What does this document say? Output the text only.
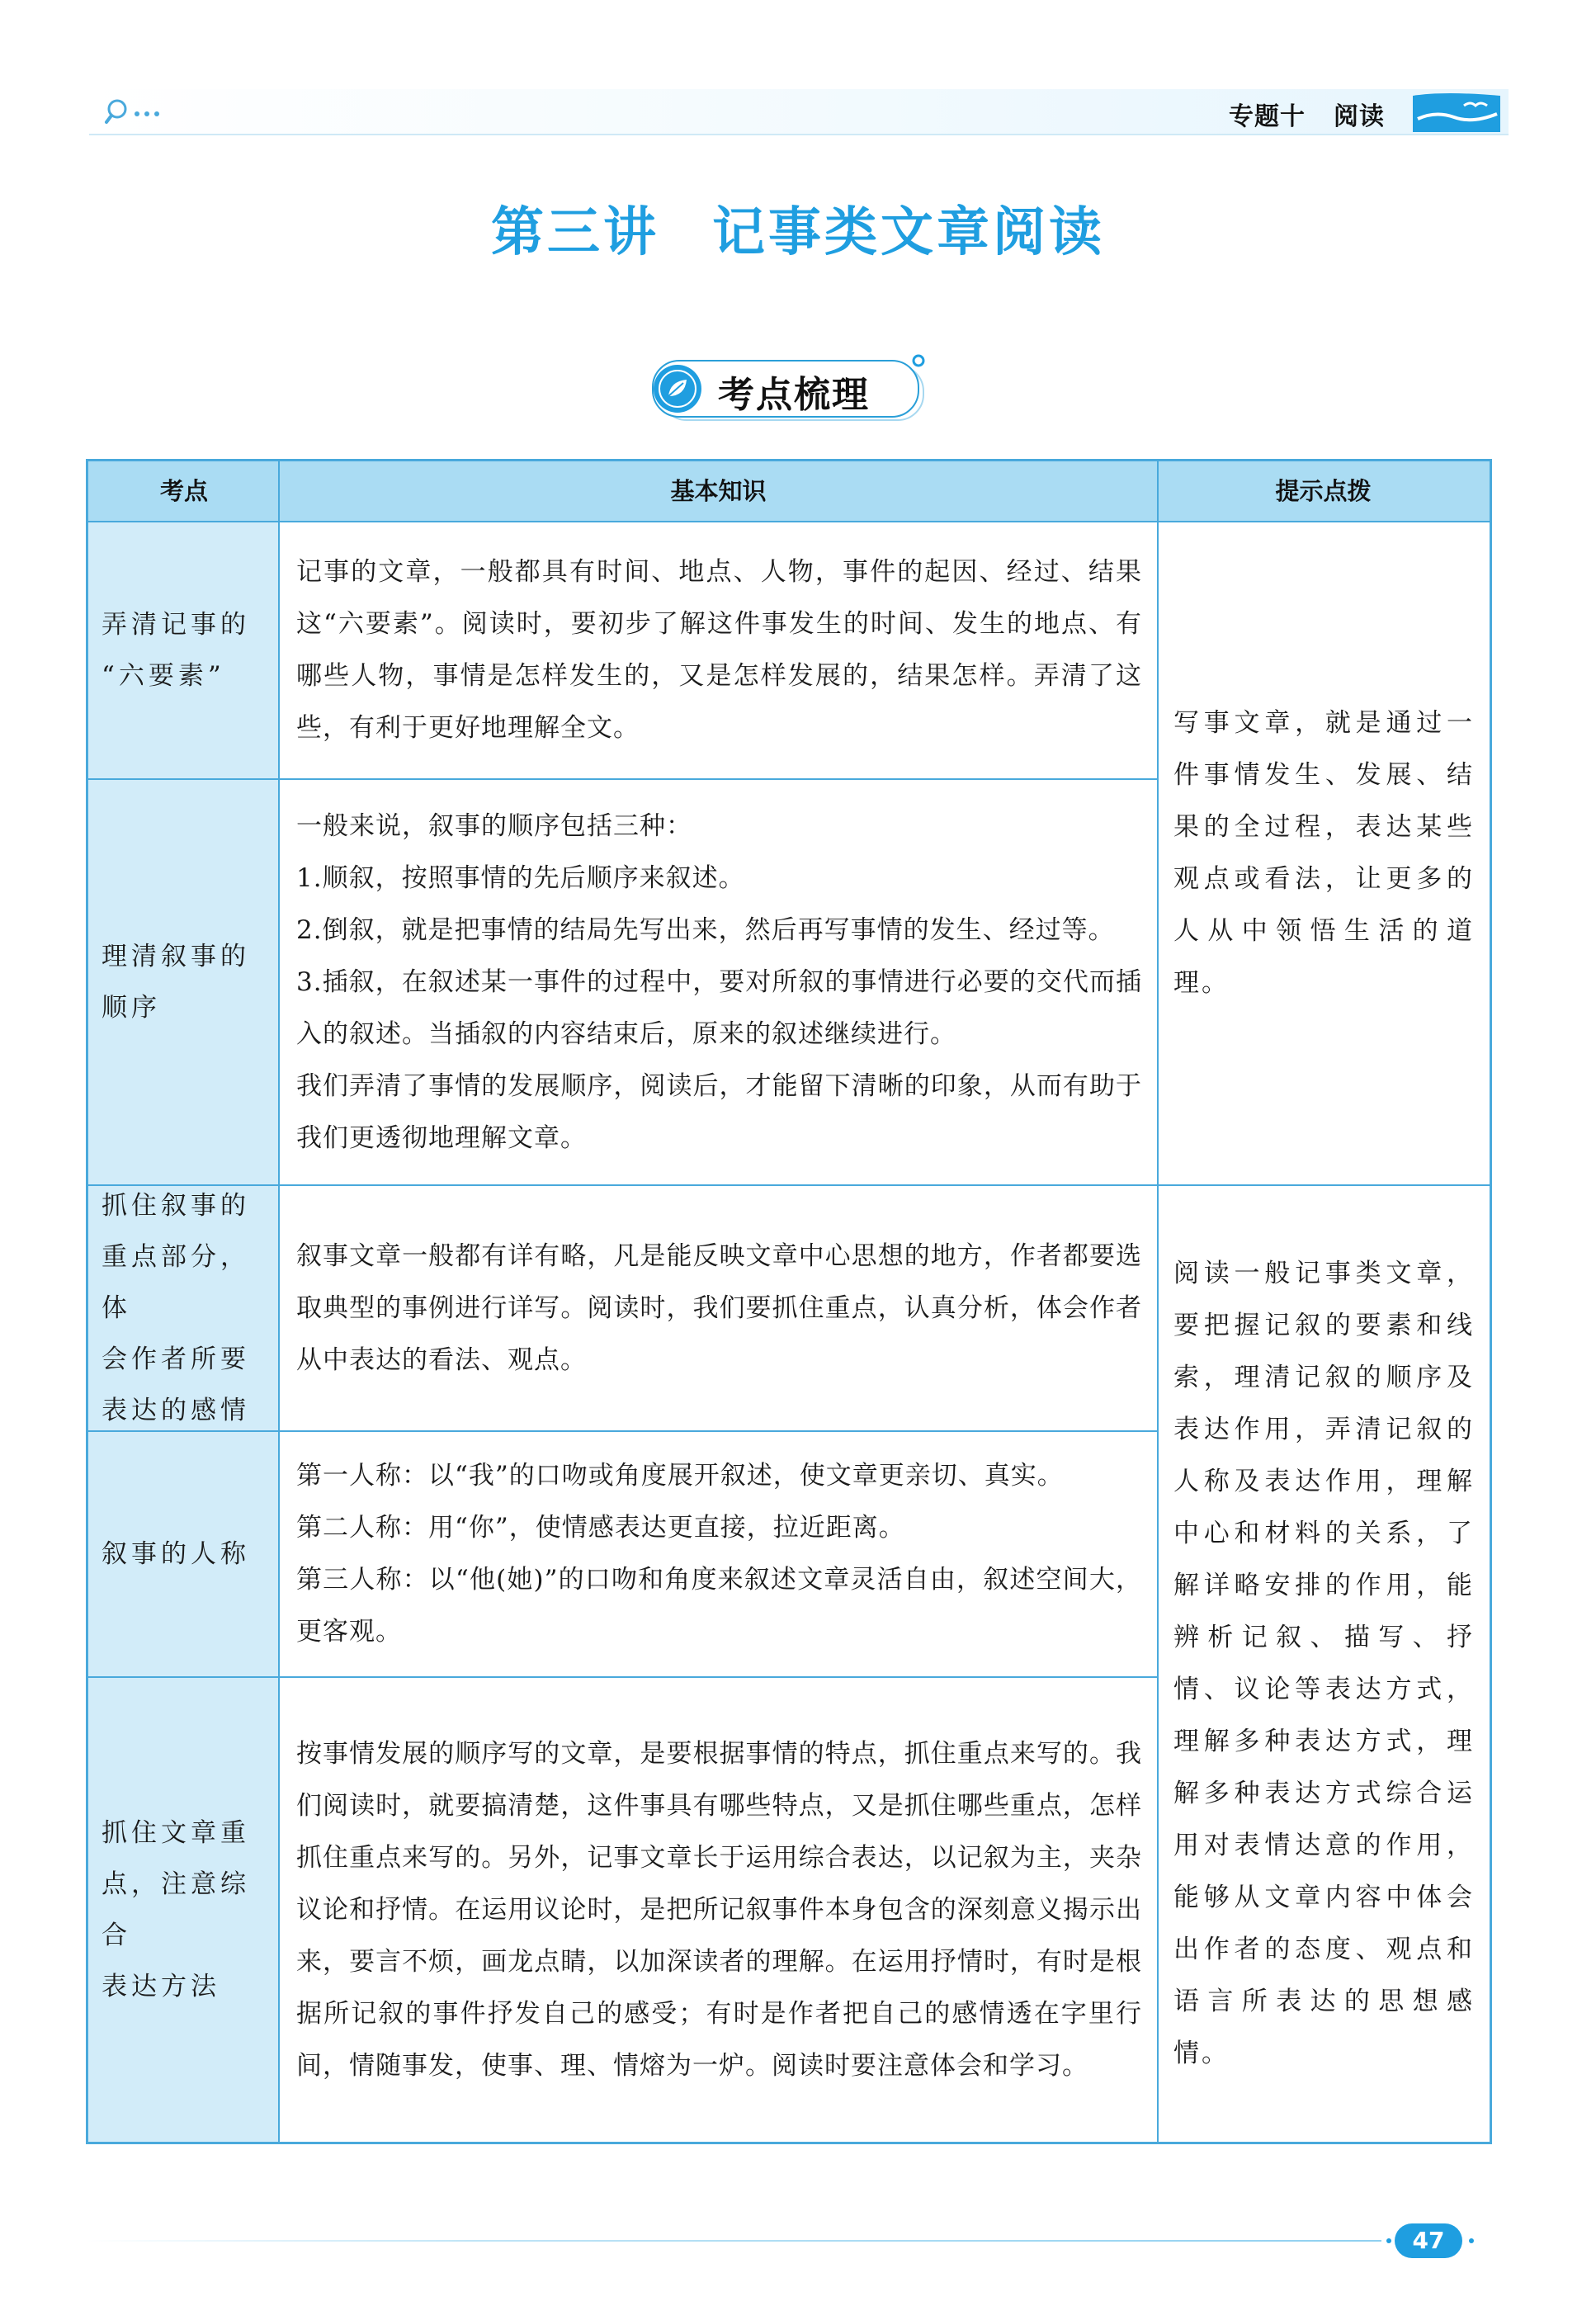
专题十 阅读
第三讲 记事类文章阅读
考点梳理
考点	基本知识	提示点拨
弄清记事的
“六要素”

记事的文章，一般都具有时间、地点、人物，事件的起因、经过、结果这“六要素”。阅读时，要初步了解这件事发生的时间、发生的地点、有哪些人物，事情是怎样发生的，又是怎样发展的，结果怎样。弄清了这些，有利于更好地理解全文。

理清叙事的
顺序

一般来说，叙事的顺序包括三种：

1.顺叙，按照事情的先后顺序来叙述。

2.倒叙，就是把事情的结局先写出来，然后再写事情的发生、经过等。

3.插叙，在叙述某一事件的过程中，要对所叙的事情进行必要的交代而插入的叙述。当插叙的内容结束后，原来的叙述继续进行。

我们弄清了事情的发展顺序，阅读后，才能留下清晰的印象，从而有助于我们更透彻地理解文章。

抓住叙事的
重点部分，体
会作者所要
表达的感情

叙事文章一般都有详有略，凡是能反映文章中心思想的地方，作者都要选取典型的事例进行详写。阅读时，我们要抓住重点，认真分析，体会作者从中表达的看法、观点。

叙事的人称

第一人称：以“我”的口吻或角度展开叙述，使文章更亲切、真实。

第二人称：用“你”，使情感表达更直接，拉近距离。

第三人称：以“他(她)”的口吻和角度来叙述文章灵活自由，叙述空间大，更客观。

抓住文章重
点，注意综合
表达方法

按事情发展的顺序写的文章，是要根据事情的特点，抓住重点来写的。我们阅读时，就要搞清楚，这件事具有哪些特点，又是抓住哪些重点，怎样抓住重点来写的。另外，记事文章长于运用综合表达，以记叙为主，夹杂议论和抒情。在运用议论时，是把所记叙事件本身包含的深刻意义揭示出来，要言不烦，画龙点睛，以加深读者的理解。在运用抒情时，有时是根据所记叙的事件抒发自己的感受；有时是作者把自己的感情透在字里行间，情随事发，使事、理、情熔为一炉。阅读时要注意体会和学习。

写事文章，就是通过一件事情发生、发展、结果的全过程，表达某些观点或看法，让更多的人从中领悟生活的道理。

阅读一般记事类文章，要把握记叙的要素和线索，理清记叙的顺序及表达作用，弄清记叙的人称及表达作用，理解中心和材料的关系，了解详略安排的作用，能辨析记叙、描写、抒情、议论等表达方式，理解多种表达方式，理解多种表达方式综合运用对表情达意的作用，能够从文章内容中体会出作者的态度、观点和语言所表达的思想感情。

47
